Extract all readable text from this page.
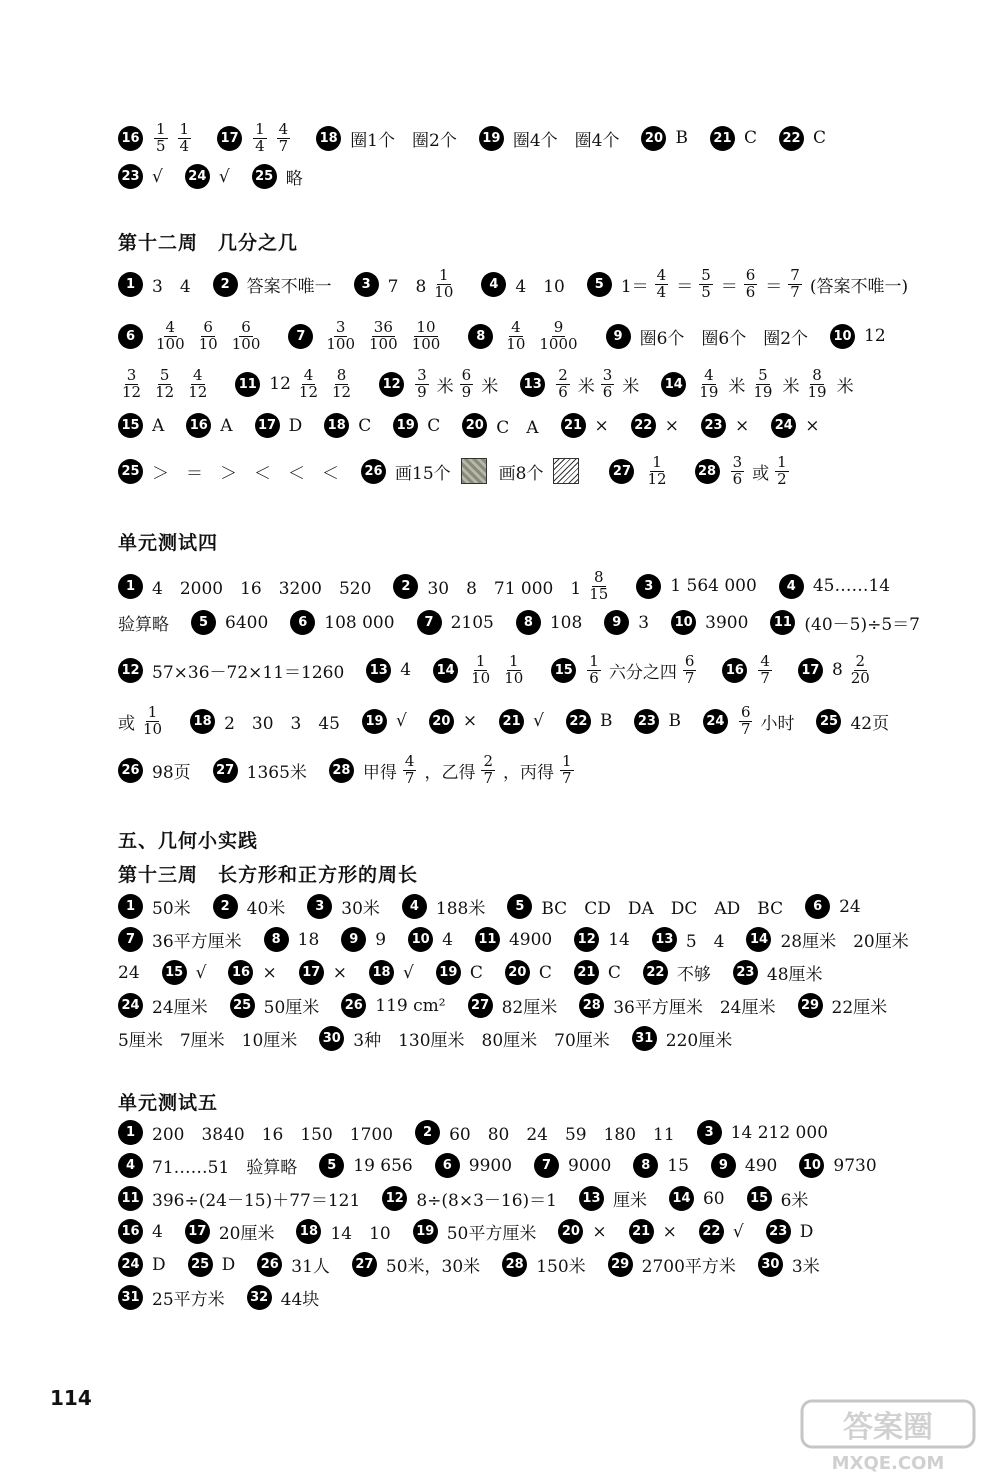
第十二周　几分之几
单元测试四
五、几何小实践
第十三周　长方形和正方形的周长
单元测试五
16
1
5
1
4 17
1
4
4
7 18 圈1个　圈2个 19 圈4个　圈4个 20 B 21 C 22 C
23 √ 24 √ 25 略
1 3　4	2 答案不唯一	3 7　8
1
10	4 4　10	5 1＝
4
4 ＝
5
5 ＝
6
6 ＝
7
7 (答案不唯一)
6
4
100
6
10
6
100	7
3
100
36
100
10
100	8
4
10
9
1000	9 圈6个　圈6个　圈2个 10 12
3
12
5
12
4
12 11 12 4
12
8
12 12
3
9 米
6
9 米 13
2
6 米
3
6 米 14
4
19 米
5
19 米
8
19 米
15 A 16 A 17 D 18 C 19 C 20 C　A 21 × 22 × 23 × 24 ×
25 ＞　＝　＞　＜　＜　＜ 26 画15个	画8个	27
1
12 28
3
6 或
1
2
1 4　2000　16　3200　520	2 30　8　71 000　1
8
15	3 1 564 000	4 45……14
验算略	5 6400	6 108 000	7 2105	8 108	9 3 10 3900 11 (40－5)÷5＝7
12 57×36－72×11＝1260 13 4 14
1
10
1
10 15
1
6 六分之四
6
7 16
4
7 17 8 2
20
或
1
10 18 2　30　3　45 19 √ 20 × 21 √ 22 B 23 B 24
6
7 小时 25 42页
26 98页 27 1365米 28 甲得
4
7 ，乙得
2
7 ，丙得
1
7
1 50米	2 40米	3 30米	4 188米	5 BC　CD　DA　DC　AD　BC	6 24
7 36平方厘米	8 18	9 9 10 4 11 4900 12 14 13 5　4 14 28厘米　20厘米
24 15 √ 16 × 17 × 18 √ 19 C 20 C 21 C 22 不够 23 48厘米
24 24厘米 25 50厘米 26 119 cm² 27 82厘米 28 36平方厘米　24厘米 29 22厘米
5厘米　7厘米　10厘米 30 3种　130厘米　80厘米　70厘米 31 220厘米
1 200　3840　16　150　1700	2 60　80　24　59　180　11	3 14 212 000
4 71……51　验算略	5 19 656	6 9900	7 9000	8 15	9 490 10 9730
11 396÷(24－15)＋77＝121 12 8÷(8×3－16)＝1 13 厘米 14 60 15 6米
16 4 17 20厘米 18 14　10 19 50平方厘米 20 × 21 × 22 √ 23 D
24 D 25 D 26 31人 27 50米，30米 28 150米 29 2700平方米 30 3米
31 25平方米 32 44块
114
答案圈
MXQE.COM
